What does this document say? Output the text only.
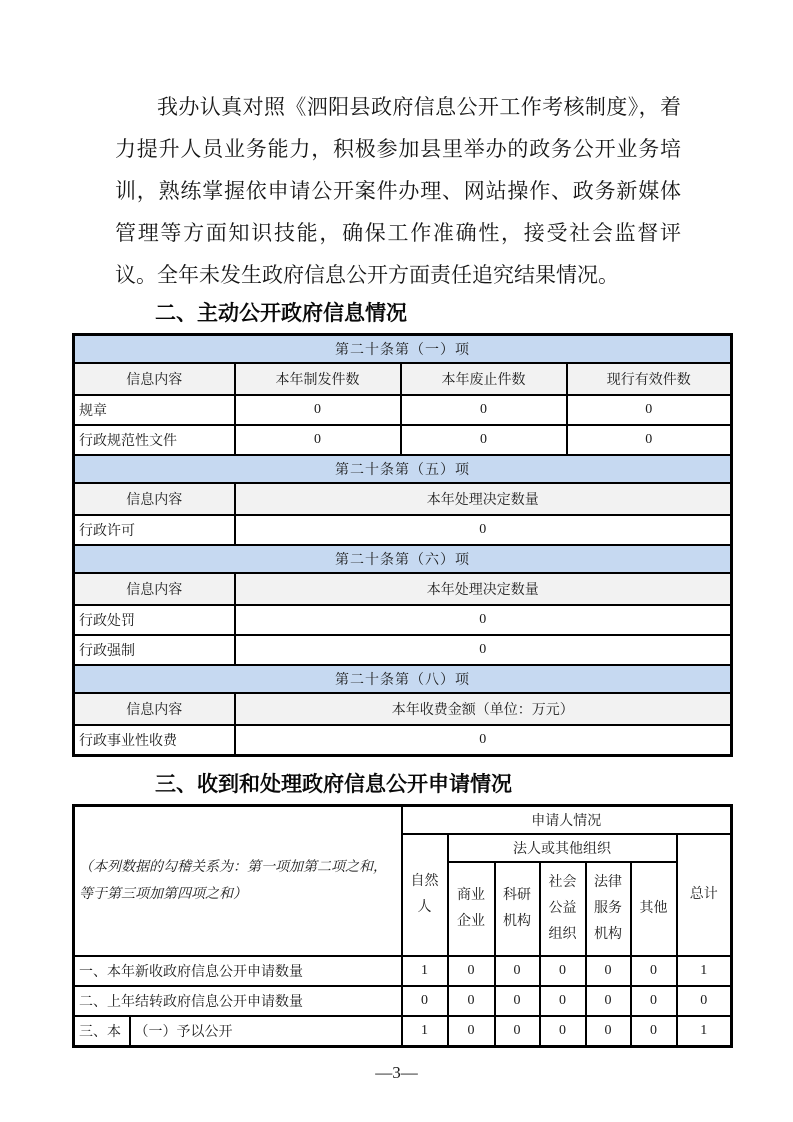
我办认真对照《泗阳县政府信息公开工作考核制度》，着力提升人员业务能力，积极参加县里举办的政务公开业务培训，熟练掌握依申请公开案件办理、网站操作、政务新媒体管理等方面知识技能，确保工作准确性，接受社会监督评议。全年未发生政府信息公开方面责任追究结果情况。

二、主动公开政府信息情况
第二十条第（一）项			
信息内容	本年制发件数	本年废止件数	现行有效件数
规章	0	0	0
行政规范性文件	0	0	0
第二十条第（五）项			
信息内容	本年处理决定数量		
行政许可	0		
第二十条第（六）项			
信息内容	本年处理决定数量		
行政处罚	0		
行政强制	0		
第二十条第（八）项			
信息内容	本年收费金额（单位：万元）		
行政事业性收费	0		
三、收到和处理政府信息公开申请情况
（本列数据的勾稽关系为：第一项加第二项之和，等于第三项加第四项之和）		申请人情况						
		自然人	法人或其他组织					总计
			商业企业	科研机构	社会公益组织	法律服务机构	其他	
一、本年新收政府信息公开申请数量		1	0	0	0	0	0	1
二、上年结转政府信息公开申请数量		0	0	0	0	0	0	0
三、本	（一）予以公开	1	0	0	0	0	0	1
—3—
